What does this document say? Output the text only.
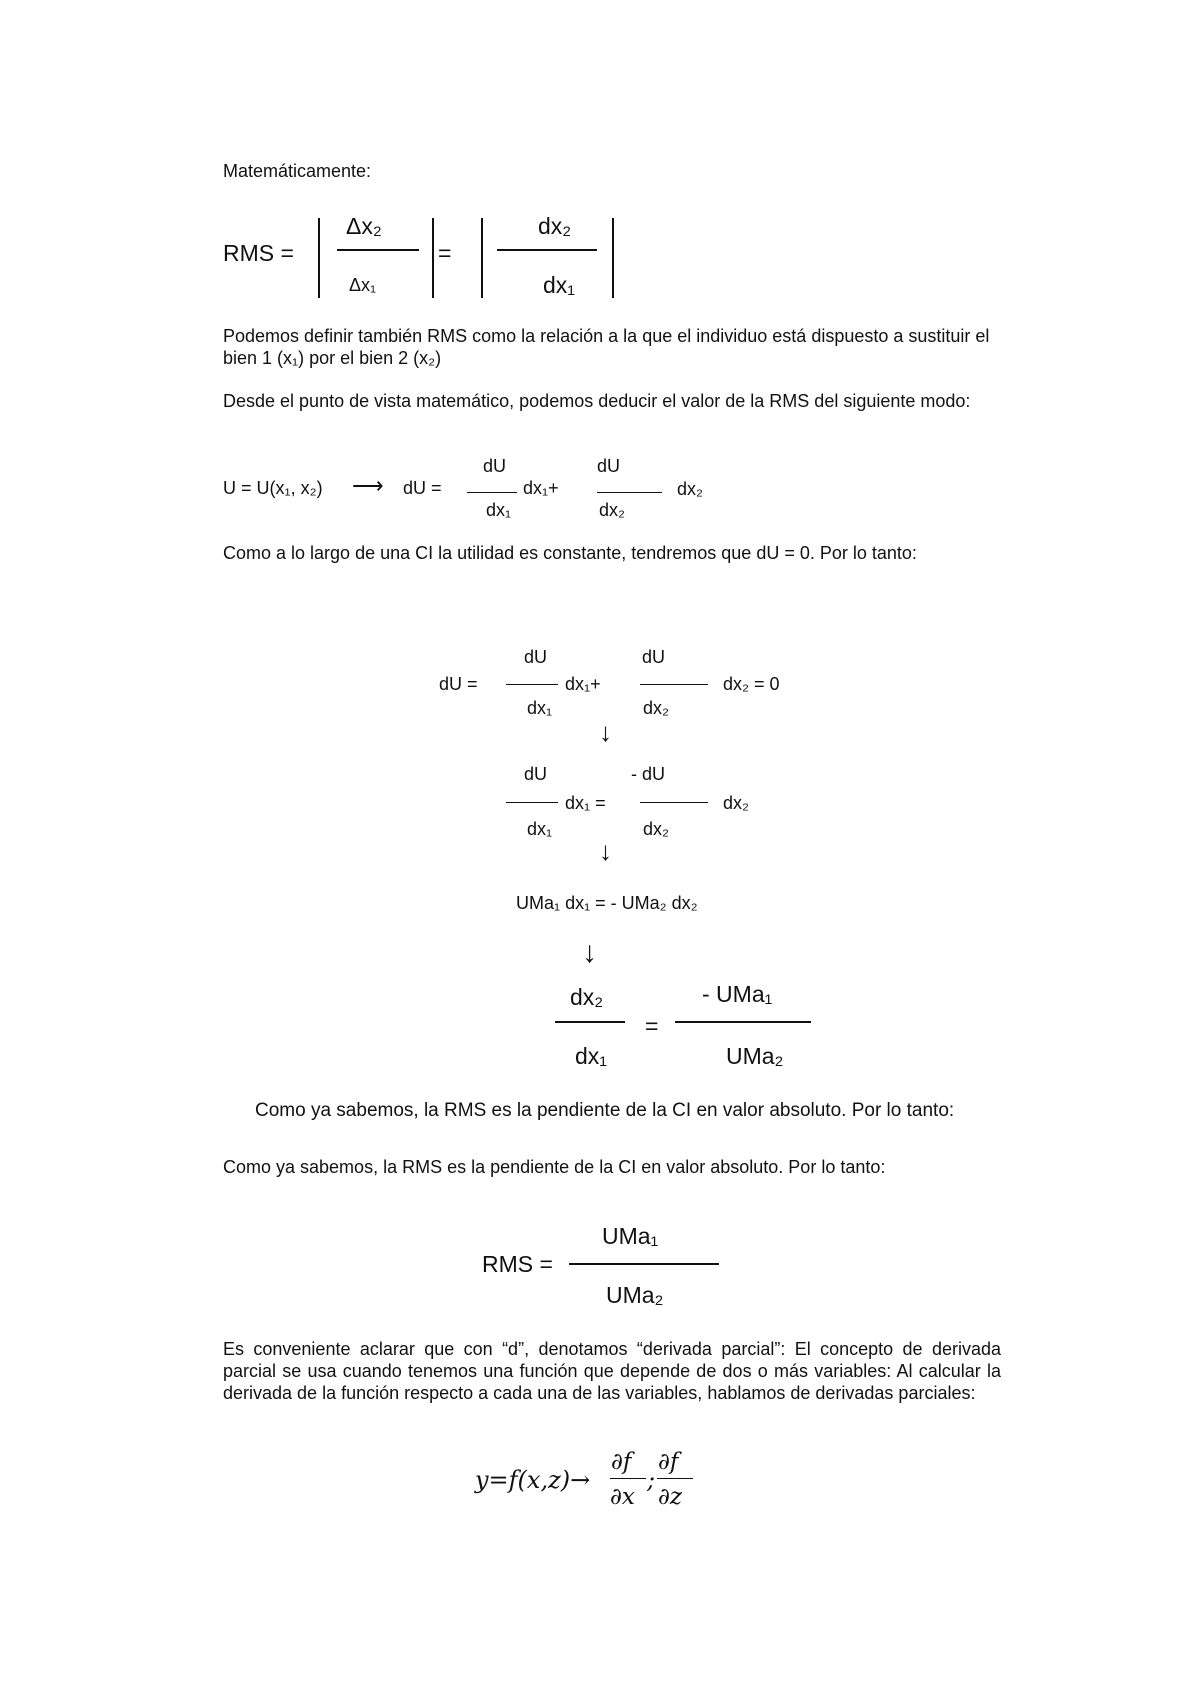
Matemáticamente:
RMS =
Δx₂
Δx₁
=
dx₂
dx₁
Podemos definir también RMS como la relación a la que el individuo está dispuesto a sustituir el bien 1 (x₁) por el bien 2 (x₂)
Desde el punto de vista matemático, podemos deducir el valor de la RMS del siguiente modo:
U = U(x₁, x₂) ⟶ dU =
dU
dx₁
dx₁+
dU
dx₂
dx₂
Como a lo largo de una CI la utilidad es constante, tendremos que dU = 0. Por lo tanto:
dU =
dU
dx₁
dx₁+
dU
dx₂
dx₂ = 0
↓
dU
dx₁
dx₁ =
- dU
dx₂
dx₂
↓
UMa₁ dx₁ = - UMa₂ dx₂
↓
dx₂
dx₁
=
- UMa₁
UMa₂
Como ya sabemos, la RMS es la pendiente de la CI en valor absoluto. Por lo tanto:
Como ya sabemos, la RMS es la pendiente de la CI en valor absoluto. Por lo tanto:
RMS =
UMa₁
UMa₂
Es conveniente aclarar que con “d”, denotamos “derivada parcial”: El concepto de derivada parcial se usa cuando tenemos una función que depende de dos o más variables: Al calcular la derivada de la función respecto a cada una de las variables, hablamos de derivadas parciales:
y=f(x,z)→
∂f
∂x
;
∂f
∂z
